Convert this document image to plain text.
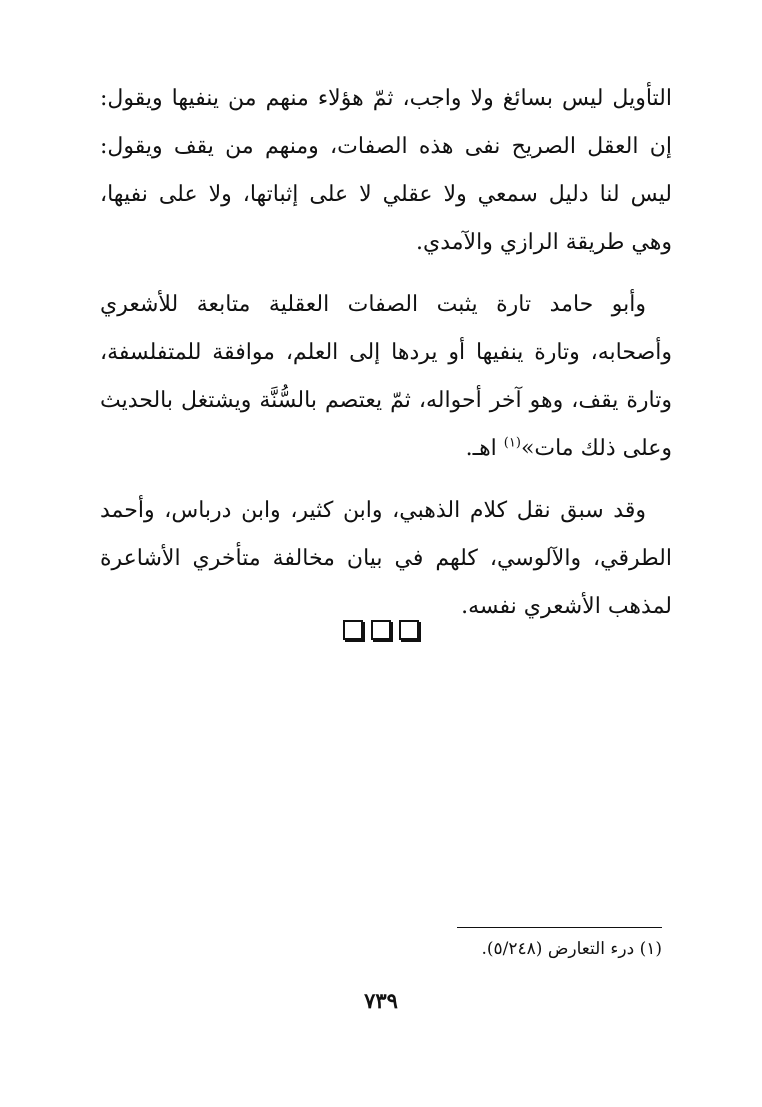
التأويل ليس بسائغ ولا واجب، ثمّ هؤلاء منهم من ينفيها ويقول: إن العقل الصريح نفى هذه الصفات، ومنهم من يقف ويقول: ليس لنا دليل سمعي ولا عقلي لا على إثباتها، ولا على نفيها، وهي طريقة الرازي والآمدي.

وأبو حامد تارة يثبت الصفات العقلية متابعة للأشعري وأصحابه، وتارة ينفيها أو يردها إلى العلم، موافقة للمتفلسفة، وتارة يقف، وهو آخر أحواله، ثمّ يعتصم بالسُّنَّة ويشتغل بالحديث وعلى ذلك مات»$^{(١)}$ اهـ.

وقد سبق نقل كلام الذهبي، وابن كثير، وابن درباس، وأحمد الطرقي، والآلوسي، كلهم في بيان مخالفة متأخري الأشاعرة لمذهب الأشعري نفسه.

(١) درء التعارض (٥/٢٤٨).
٧٣٩
